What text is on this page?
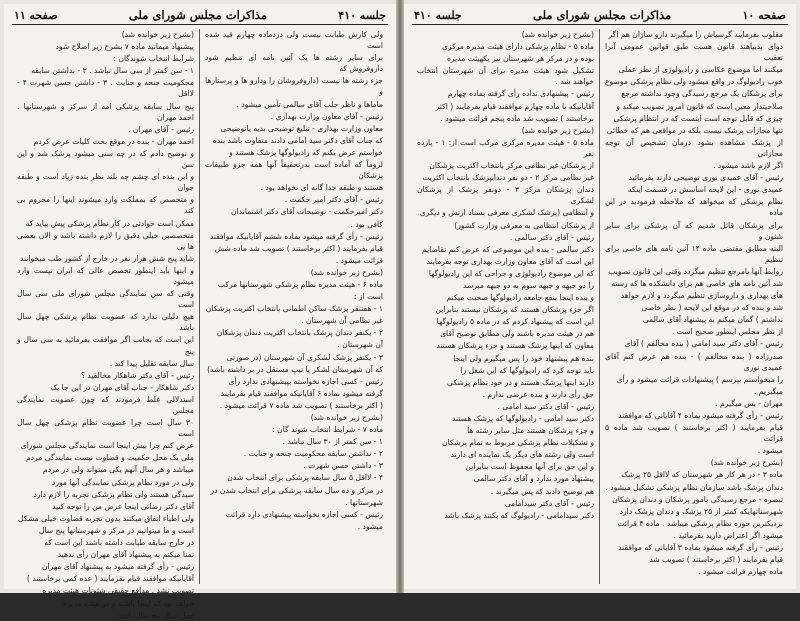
جلسه ۴۱۰
مذاکرات مجلس شورای ملی
صفحه ۱۱

ولی کارش طبابت نیست ولی دردماده چهارم قید شده است

برای سایر رشته ها یک آئین نامه ای تنظیم شود داروفروش که

جزء رشته ها نیست (داروفروشان را ودارو ها و پرستارها و

ماماها و ناظر جلب آقای سالمی تأمین میشود .

رئیس - آقای معاون وزارت بهداری .

معاون وزارت بهداری - تبلیغ توضیحی بدیه یاتوضیحی

که جناب آقای دکتر سید امامی دادند متفاوت باشد بنده

خواستم عرض بکنم که رادیولوگها پزشک هستند و

لزوماً که آماده است بدرتحقیقاً آنها همه جزو طبیقات پزشکان

هستند و طبقه جدا گانه ای نخواهد بود .

رئیس - آقای دکتر امیر حکمت .

دکتر امیرحکمت - توضیحات آقای دکتر اشتماندان

کافی بود .

رئیس - رأی گرفته میشود بماده ششم آقایانیکه موافقند

قیام بفرمایند ( اکثر برخاستند ) تصویب شد ماده شش

قرائت میشود .

(بشرح زیر خوانده شد)

ماده ۶ - هیئت مدیره نظام پزشکی شهرستانها مرکب

است از :

۱ - هفتنفر پزشک ساکن اطمانی بانتخاب اکثریت پزشکان

غیر نظامی آن شهرستان .

۲ - یکنفر دندان پزشک بانتخاب اکثریت دندان پزشکان

آن شهرستان .

۳ - یکنفر پزشک لشکری آن شهرستان (در صورتی

که آن شهرستان لشکر یا تیپ مستقل در بر داشته باشد)

رئیس - کسی اجازه نخواسته بپیشنهادی ندارد رأی

گرفته میشود بماده ۶ آقایانیکه موافقند قیام بفرمایند

( اکثر برخاستند ) تصویب شد ماده ۷ قرائت میشود .

(بشرح زیر خوانده شد)

ماده ۷ - شرایط انتخاب شوند گان :

۱ - سن کمتر از ۳۰ سال نباشد .

۲ - نداشتن سابقه محکومیت جنحه و جنایت .

۳ - داشتن حسن شهرت .

۴ - لااقل ۵ سال سابقه پزشکی برای انتخاب شدن

در مرکز و ده سال سابقه پزشکی برای انتخاب شدن در

شهرستانها .

رئیس - کسی اجازه نخواسته پیشنهادی دارد قرائت

میشود .

(بشرح زیر خوانده شد)

پیشنهاد میمانید ماده ۷ بشرح زیر اصلاح شود

شرایط انتخاب شوندگان :

۱ - سن کمتر از سی سال نباشد . ۲ - نداشتن سابقه

محکومیت جنحه و جنایت . ۳ - داشتن حسن شهرت ۴ - لااقل

پنج سال سابقه پزشکی امه از سرکز و شهرستانها . احمد مهران

رئیس - آقای مهران .

احمد مهران - بنده در موقع بحث کلیات عرض کردم

و توضیح دادم که در چه سنی میشود پزشک شد و این سن

و این بنده ای چشم چه بلند نظر بنده زیاد است و طبقه جوان

و متخصص که بمملکت وارد میشوند اینها را محروم بی کند

ممکن است حوادثی در کار نظام پزشکی پیش بیاید که

متخصصین خیلی دقیق را لازم داشته باشد و الان بعضی ها یی

شاید پنج شش هزار نفر در خارج از کشور طب میخوانند

و اینها باید اینطور تخصص عالی که ایران نیست وارد میشود

وقتی که سن نمایندگی مجلس شورای ملی سی سال است

هیچ دلیلی ندارد که عضویت نظام پزشکی چهل سال باشد

این است که بجانب اگر موافقت بفرمائید به سی سال و پنج

سال سابقه تقلیل پیدا کند .

رئیس - آقای دکتر شاهکار مخالفید ؟

دکتر شاهکار - جناب آقای مهران در این جا یک

استدلالی غلط فرمودند که چون عضویت نمایندگی مجلس

۳۰ سال است چرا عضویت نظام پزشکی چهل سال است

عرض کنم چرا بیش اینجا است نمایندگی مجلس شورای

ملی یک محل حکمیت و قضاوت نیست نمایندگی مردم

میباشد و هر سال آنهم یکی میتواند ولی در مردم

ولی در مورد نظام پزشکی نمایندگی آنها مورد

سیدگی هستند ولی نظام پزشکی تجربه را لازم دارد

آقای دکتر رضائی اینجا عرض من را توجه کنید

ولی اطباء اتفاق میکنند بدون تجربه قضاوت خیلی مشکل

است و ما میتوانیم در مرکز و شهرستانها پنج سال

در خارج سابقه طبابت داشته باشند این است که

تمنا میکنم به پیشنهاد آقای مهران رأی ندهید

رئیس - رأی گرفته میشود به پیشنهاد آقای مهران

آقایانیکه موافقند قیام بفرمایند ( عده کمی برخاستند )

تصویب نشد . مدافع حقیقی شئونات هیئت مدیره

خواهد بود که اینجا باشند و در هیئت مدیره

چهل سال پنج سال باشد .

صفحه ۱۰
مذاکرات مجلس شورای ملی
جلسه ۴۱۰

مقلوب بفرمایند گرسیاش را میگیرند دارو سازان هم اگر

دوای بدبیاهند قانون هست طبق قوانین عمومی آنرا تعقیب

میکنند اما موضوع عکاسی و رادیولوژی از نظر عملی

خوب رادیولوگ در واقع میشود ولی نظام پزشکی موضوع

برای پزشکان یک مرجع رسیدگی وجود نداشته مرجع

صلاحیتدار معین است که قانون امروز تصویب میکند و

چیزی که قابل توجه است اینست که در انتظام پزشکی

تنها مجازات پزشک نیست بلکه در مواقعی هم که خطائی

از پزشک مشاهده بشود درمان تشخیص آن توجه مجازاتی

اگر لازم باشد میشود .

رئیس - آقای عمیدی نوری توضیحی دارند بفرمائید

عمیدی نوری - این لایحه اساسش در قسمت اینکه

نظام پزشکی که میخواهد که ملاحظه فرمودید در این ماده

برای پزشکان قائل شدیم که آن پزشکی برای سایر شئون و

البته مطابق مقتضی ماده ۱۴ آئین نامه های خاصی برای تنظیم

روابط آنها بامرجع تنظیم میگردد وقتی این قانون تصویب

شد آئین نامه های خاصی هم برای دانشکده ها که رسته

های بهداری و داروسازی تنظیم میگردد و لازم خواهد

شد و بنده که در موقع این لایحه ( نظر خاصی

نداشتم ) گمان میکنم به پیشنهاد آقای سالمی

از نظر مجلس اینطور صحیح است .

رئیس - آقای دکتر سید امامی ( بنده مخالفم ) آقای

صدرزاده ( بنده مخالفم ) - بنده هم عرض کنم آقای عمیدی نوری

را میخواستم بپرسم ) پیشنهادات قرائت میشود و رأی

میگیریم .

مهران - بس میگیرم .

رئیس - رأی گرفته میشود بماده ۴ آقایانی که موافقند

قیام بفرمایند ( اکثر برخاستند ) تصویب شد ماده ۵ قرائت

میشود .

(بشرح زیر خوانده شد)

ماده ۳ - در هر کار هر شهرستان که لااقل ۲۵ پزشک

دندان پزشک باشد سازمان نظام پزشکی تشکیل میشود .

تبصره - مرجع رسیدگی بامور پزشکان و دندان پزشکان

شهرستانهایکه کمتر از ۲۵ پزشک و دندان پزشک دارد

نزدیکترین حوزه نظام پزشکی میباشد . ماده ۴ قرائت

میشود اگر اعتراض دارید بفرمائید .

رئیس - رأی گرفته میشود بماده ۳ آقایانی که موافقند

قیام بفرمایند ( اکثر برخاستند ) تصویب شد

ماده چهارم قرائت میشود .

(بشرح زیر خوانده شد)

ماده ۵ - نظام پزشکی دارای هیئت مدیره مرکزی

بوده و در مرکز هر شهرستان نیز یکهیئت مدیره

تشکیل شود هیئت مدیره برای آن شهرستان انتخاب خواهند شد .

رئیس - پیشنهادی نداده رأی گرفته بماده چهارم

آقایانیکه با ماده چهارم موافقند قیام بفرمایند ( اکثر

برخاستند ) تصویب شد ماده پنجم قرائت میشود .

(بشرح زیر خوانده شد)

ماده ۵ - هیئت مدیره مرکزی مرکب است از: ۱ - یازده نفر

از پزشکان غیر نظامی مرکز بانتخاب اکثریت پزشکان

غیر نظامی مرکز ۲ - دو نفر دندانپزشک بانتخاب اکثریت

دندان پزشکان مرکز ۳ - دونفر پزشک از پزشکان لشکری

و انتظامی (پزشک لشکری معرفی بستاد ارتش و دیگری

از پزشکان انتظامی به معرفی وزارت کشور)

رئیس - آقای دکتر سالمی .

دکتر سالمی - بنده این موضوعی که عرض کنم تقاضایم

این است که آقای معاون وزارت بهداری توجه بفرمایند

که این موضوع رادیولوژی و جراحی که این رادیولوگها

را دو جبهه و جبهه سوم به دو جبهه میرسد

و بنده اینجا بنفع جامعه رادیولوگها صحبت میکنم

اگر جزء پزشکان هستند که پزشکان نیستند بنابراین

این است که پیشنهاد کردم که در ماده ۵ رادیولوگها

هم در هیئت مدیره باشند ولی مطابق توضیح آقای

معاون که اینها پزشک هستند و جزء پزشکان هستند

بنده هم پیشنهاد خود را پس میگیرم ولی اینجا

باید توجه کرد که رادیولوگها که این شغل را

دارند اینها پزشک هستند و در خود نظام پزشکی

حق رأی دارند و بنده عرضی ندارم .

رئیس - آقای دکتر سید امامی .

دکتر سید امامی - رادیولوگها که پزشک هستند

و جزء پزشکان هستند مثل سایر رشته ها

و تشکیلات نظام پزشکی مربوط به تمام پزشکان

است ولی رشته های دیگر یک نماینده ای دارند

و این حق برای آنها محفوظ است بنابراین

پیشنهاد مورد ندارد و آقای دکتر سالمی

هم توضیح دادند که پس میگیرند .

رئیس - آقای دکتر سیدامامی

دکتر سیدامامی - رادیولوگ که بکنند پزشک باشد
